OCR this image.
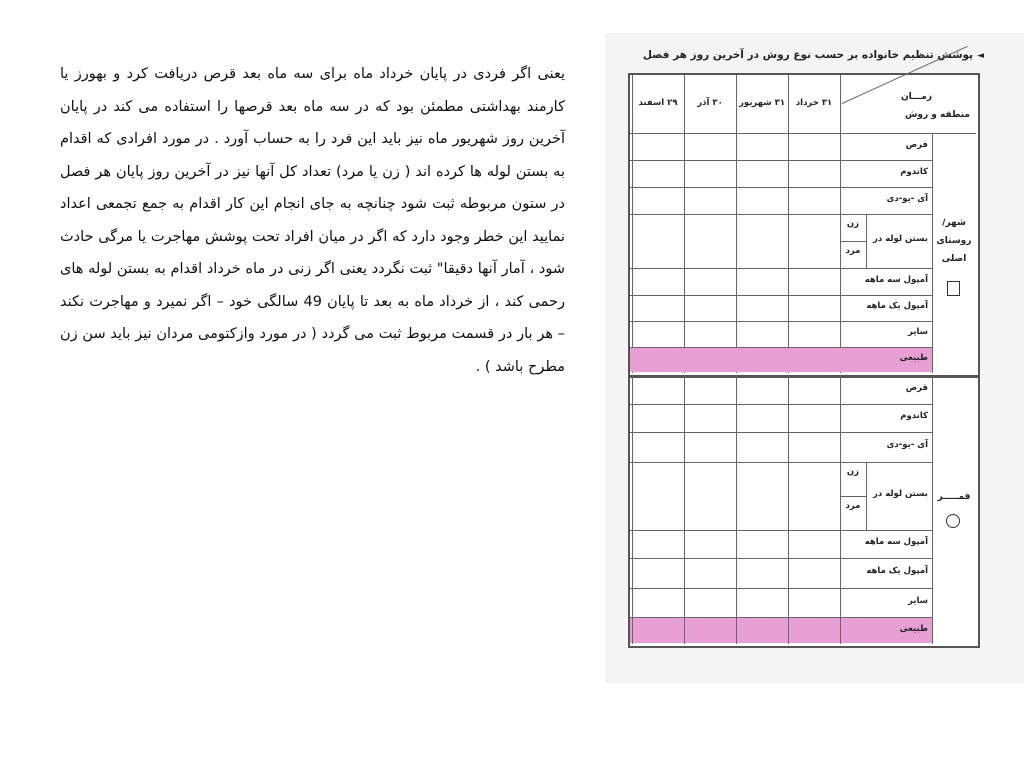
یعنی اگر فردی در پایان خرداد ماه برای سه ماه بعد قرص دریافت کرد و بهورز یا کارمند بهداشتی مطمئن بود که در سه ماه بعد قرصها را استفاده می کند در پایان آخرین روز شهریور ماه نیز باید این فرد را به حساب آورد . در مورد افرادی که اقدام به بستن لوله ها کرده اند ( زن یا مرد) تعداد کل آنها نیز در آخرین روز پایان هر فصل در ستون مربوطه ثبت شود چنانچه به جای انجام این کار اقدام به جمع تجمعی اعداد نمایید این خطر وجود دارد که اگر در میان افراد تحت پوشش مهاجرت یا مرگی حادث شود ، آمار آنها دقیقا" ثبت نگردد یعنی اگر زنی در ماه خرداد اقدام به بستن لوله های رحمی کند ، از خرداد ماه به بعد تا پایان 49 سالگی خود – اگر نمیرد و مهاجرت نکند – هر بار در قسمت مربوط ثبت می گردد ( در مورد وازکتومی مردان نیز باید سن زن مطرح باشد ) .
◄پوشش تنظیم خانواده بر حسب نوع روش در آخرین روز هر فصل
زمـــان
منطقه و روش
۳۱ خرداد
۳۱ شهریور
۳۰ آذر
۲۹ اسفند
قرص
کاندوم
آی -یو-دی
آمپول سه ماهه
آمپول یک ماهه
سایر
طبیعی
بستن لوله در
زن
مرد
قرص
کاندوم
آی -یو-دی
آمپول سه ماهه
آمپول یک ماهه
سایر
طبیعی
بستن لوله در
زن
مرد
شهر/
روستای
اصلی
قمـــــر
